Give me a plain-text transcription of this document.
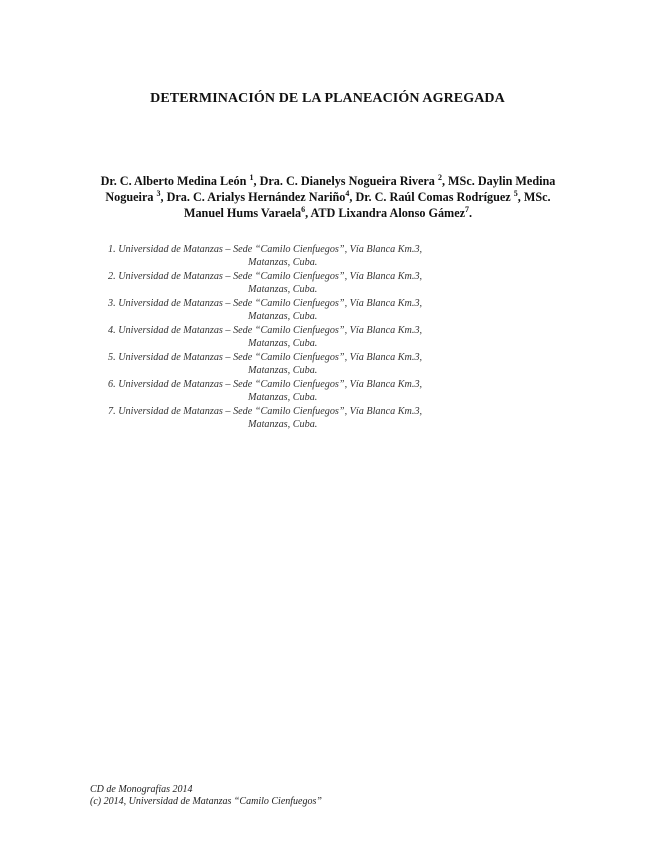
DETERMINACIÓN DE LA PLANEACIÓN AGREGADA
Dr. C. Alberto Medina León $^1$, Dra. C. Dianelys Nogueira Rivera $^2$, MSc. Daylin Medina Nogueira $^3$, Dra. C. Arialys Hernández Nariño$^4$, Dr. C. Raúl Comas Rodríguez $^5$, MSc. Manuel Hums Varaela$^6$, ATD Lixandra Alonso Gámez$^7$.
1. Universidad de Matanzas – Sede “Camilo Cienfuegos”, Vía Blanca Km.3,
Matanzas, Cuba.
2. Universidad de Matanzas – Sede “Camilo Cienfuegos”, Vía Blanca Km.3,
Matanzas, Cuba.
3. Universidad de Matanzas – Sede “Camilo Cienfuegos”, Vía Blanca Km.3,
Matanzas, Cuba.
4. Universidad de Matanzas – Sede “Camilo Cienfuegos”, Vía Blanca Km.3,
Matanzas, Cuba.
5. Universidad de Matanzas – Sede “Camilo Cienfuegos”, Vía Blanca Km.3,
Matanzas, Cuba.
6. Universidad de Matanzas – Sede “Camilo Cienfuegos”, Vía Blanca Km.3,
Matanzas, Cuba.
7. Universidad de Matanzas – Sede “Camilo Cienfuegos”, Vía Blanca Km.3,
Matanzas, Cuba.
CD de Monografías 2014
(c) 2014, Universidad de Matanzas “Camilo Cienfuegos”
